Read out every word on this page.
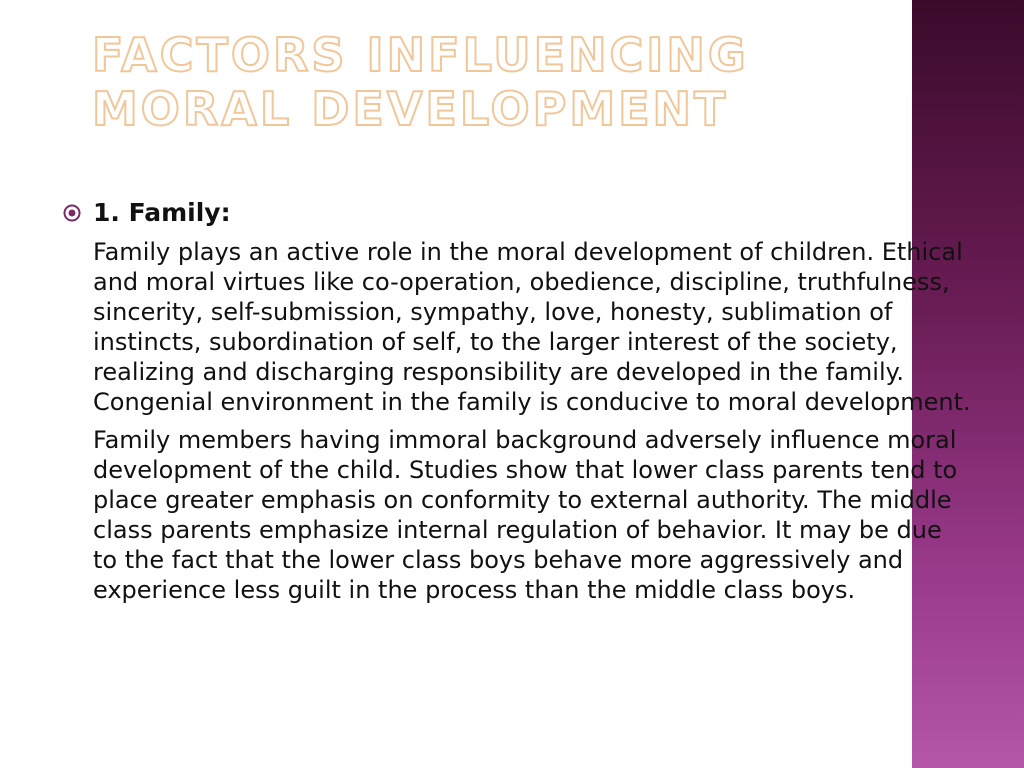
FACTORS INFLUENCING MORAL DEVELOPMENT
1. Family:

Family plays an active role in the moral development of children. Ethical and moral virtues like co-operation, obedience, discipline, truthfulness, sincerity, self-submission, sympathy, love, honesty, sublimation of instincts, subordination of self, to the larger interest of the society, realizing and discharging responsibility are developed in the family. Congenial environment in the family is conducive to moral development.

Family members having immoral background adversely influence moral development of the child. Studies show that lower class parents tend to place greater emphasis on conformity to external authority. The middle class parents emphasize internal regulation of behavior. It may be due to the fact that the lower class boys behave more aggressively and experience less guilt in the process than the middle class boys.
